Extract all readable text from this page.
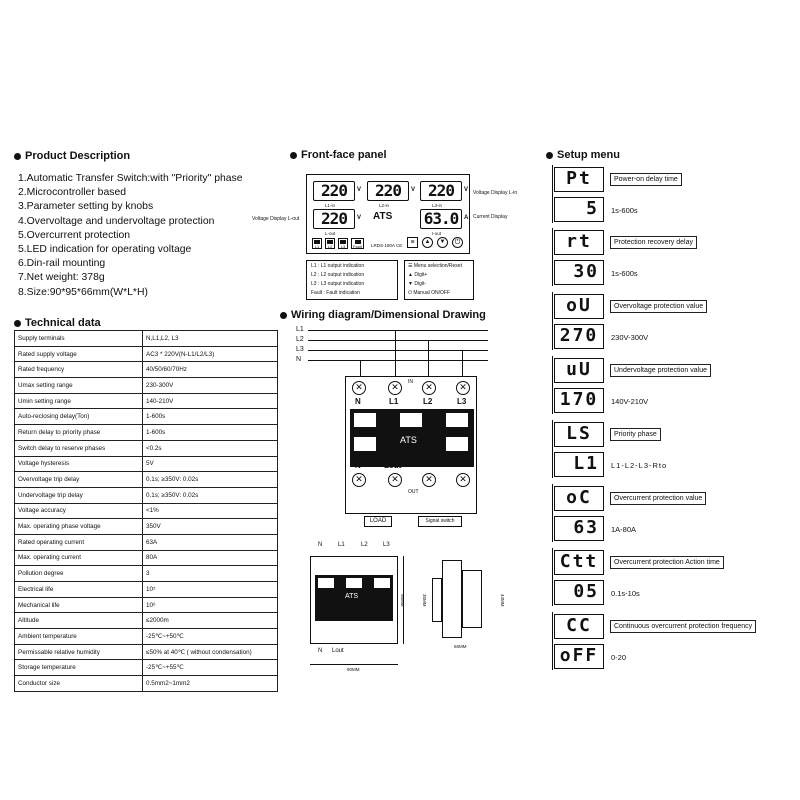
Product Description
1.Automatic Transfer Switch:with "Priority" phase
2.Microcontroller based
3.Parameter setting by knobs
4.Overvoltage and undervoltage protection
5.Overcurrent protection
5.LED indication for operating voltage
6.Din-rail mounting
7.Net weight: 378g
8.Size:90*95*66mm(W*L*H)
Technical data
Supply terminals	N,L1,L2, L3
Rated supply voltage	AC3 * 220V(N-L1/L2/L3)
Rated frequency	40/50/60/70Hz
Umax setting range	230-300V
Umin setting range	140-210V
Auto-reclosing delay(Ton)	1-600s
Return delay to priority phase	1-600s
Switch delay to reserve phases	<0.2s
Voltage hysteresis	5V
Overvoltage trip delay	0.1s; ≥350V: 0.02s
Undervoltage trip delay	0.1s; ≥350V: 0.02s
Voltage accuracy	<1%
Max. operating phase voltage	350V
Rated operating current	63A
Max. operating current	80A
Pollution degree	3
Electrical life	10⁵
Mechanical life	10⁶
Altitude	≤2000m
Ambient temperature	-25℃~+50℃
Permissable relative humidity	≤50% at 40℃ ( without condensation)
Storage temperature	-25℃~+55℃
Conductor size	0.5mm2~1mm2
Front-face panel
220	V
L1-in
220	V
L2-in
220	V
L3-in
220	V
L-out
ATS 63.0 A
I-out
L1	L2	L3	Fault	LRDS-180A CE	≡	▲	▼	⏻
Voltage Display L-out
Voltage Display L-in
Current Display
L1 : L1 output indication
L2 : L2 output indication
L3 : L3 output indication
Fault : Fault indication
☰ Menu selection/Reset
▲ Digit+
▼ Digit-
⏻ Manual ON/OFF
Wiring diagram/Dimensional Drawing
L1
L2
L3
N
IN
✕	✕	✕	✕
N	L1	L2	L3
ATS
✕	✕	✕	✕
N	Lout
OUT
LOAD	Signal switch
N	L1	L2	L3
ATS
N Lout
90MM
95MM	35MM	44MM
66MM
Setup menu
Pt	Power-on delay time
5	1s-600s
rt	Protection recovery delay
30	1s-600s
oU	Overvoltage protection value
270	230V-300V
uU	Undervoltage protection value
170	140V-210V
LS	Priority phase
L1	L1-L2-L3-Rto
oC	Overcurrent protection value
63	1A-80A
Ctt	Overcurrent protection Action time
05	0.1s-10s
CC	Continuous overcurrent protection frequency
oFF	0-20
